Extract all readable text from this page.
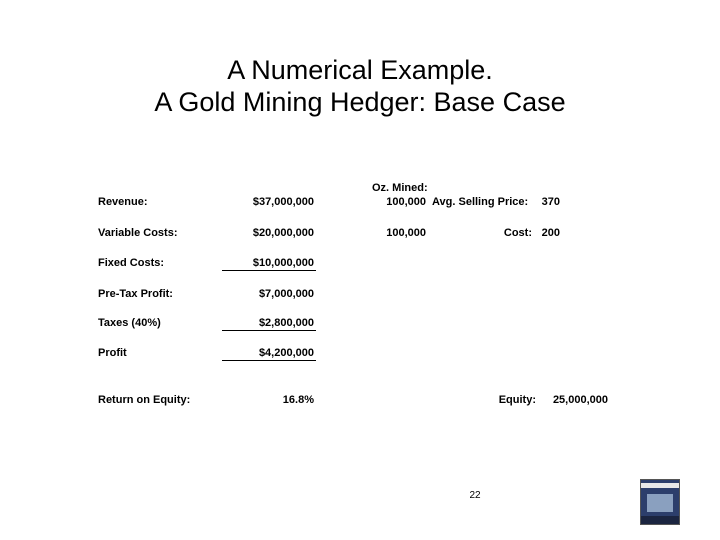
A Numerical Example.
A Gold Mining Hedger: Base Case
Oz. Mined:
Revenue:	$37,000,000	100,000 Avg. Selling Price:	370
Variable Costs:	$20,000,000	100,000	Cost: 200
Fixed Costs:	$10,000,000
Pre-Tax Profit:	$7,000,000
Taxes (40%)	$2,800,000
Profit	$4,200,000
Return on Equity:	16.8%	Equity:	25,000,000
22
